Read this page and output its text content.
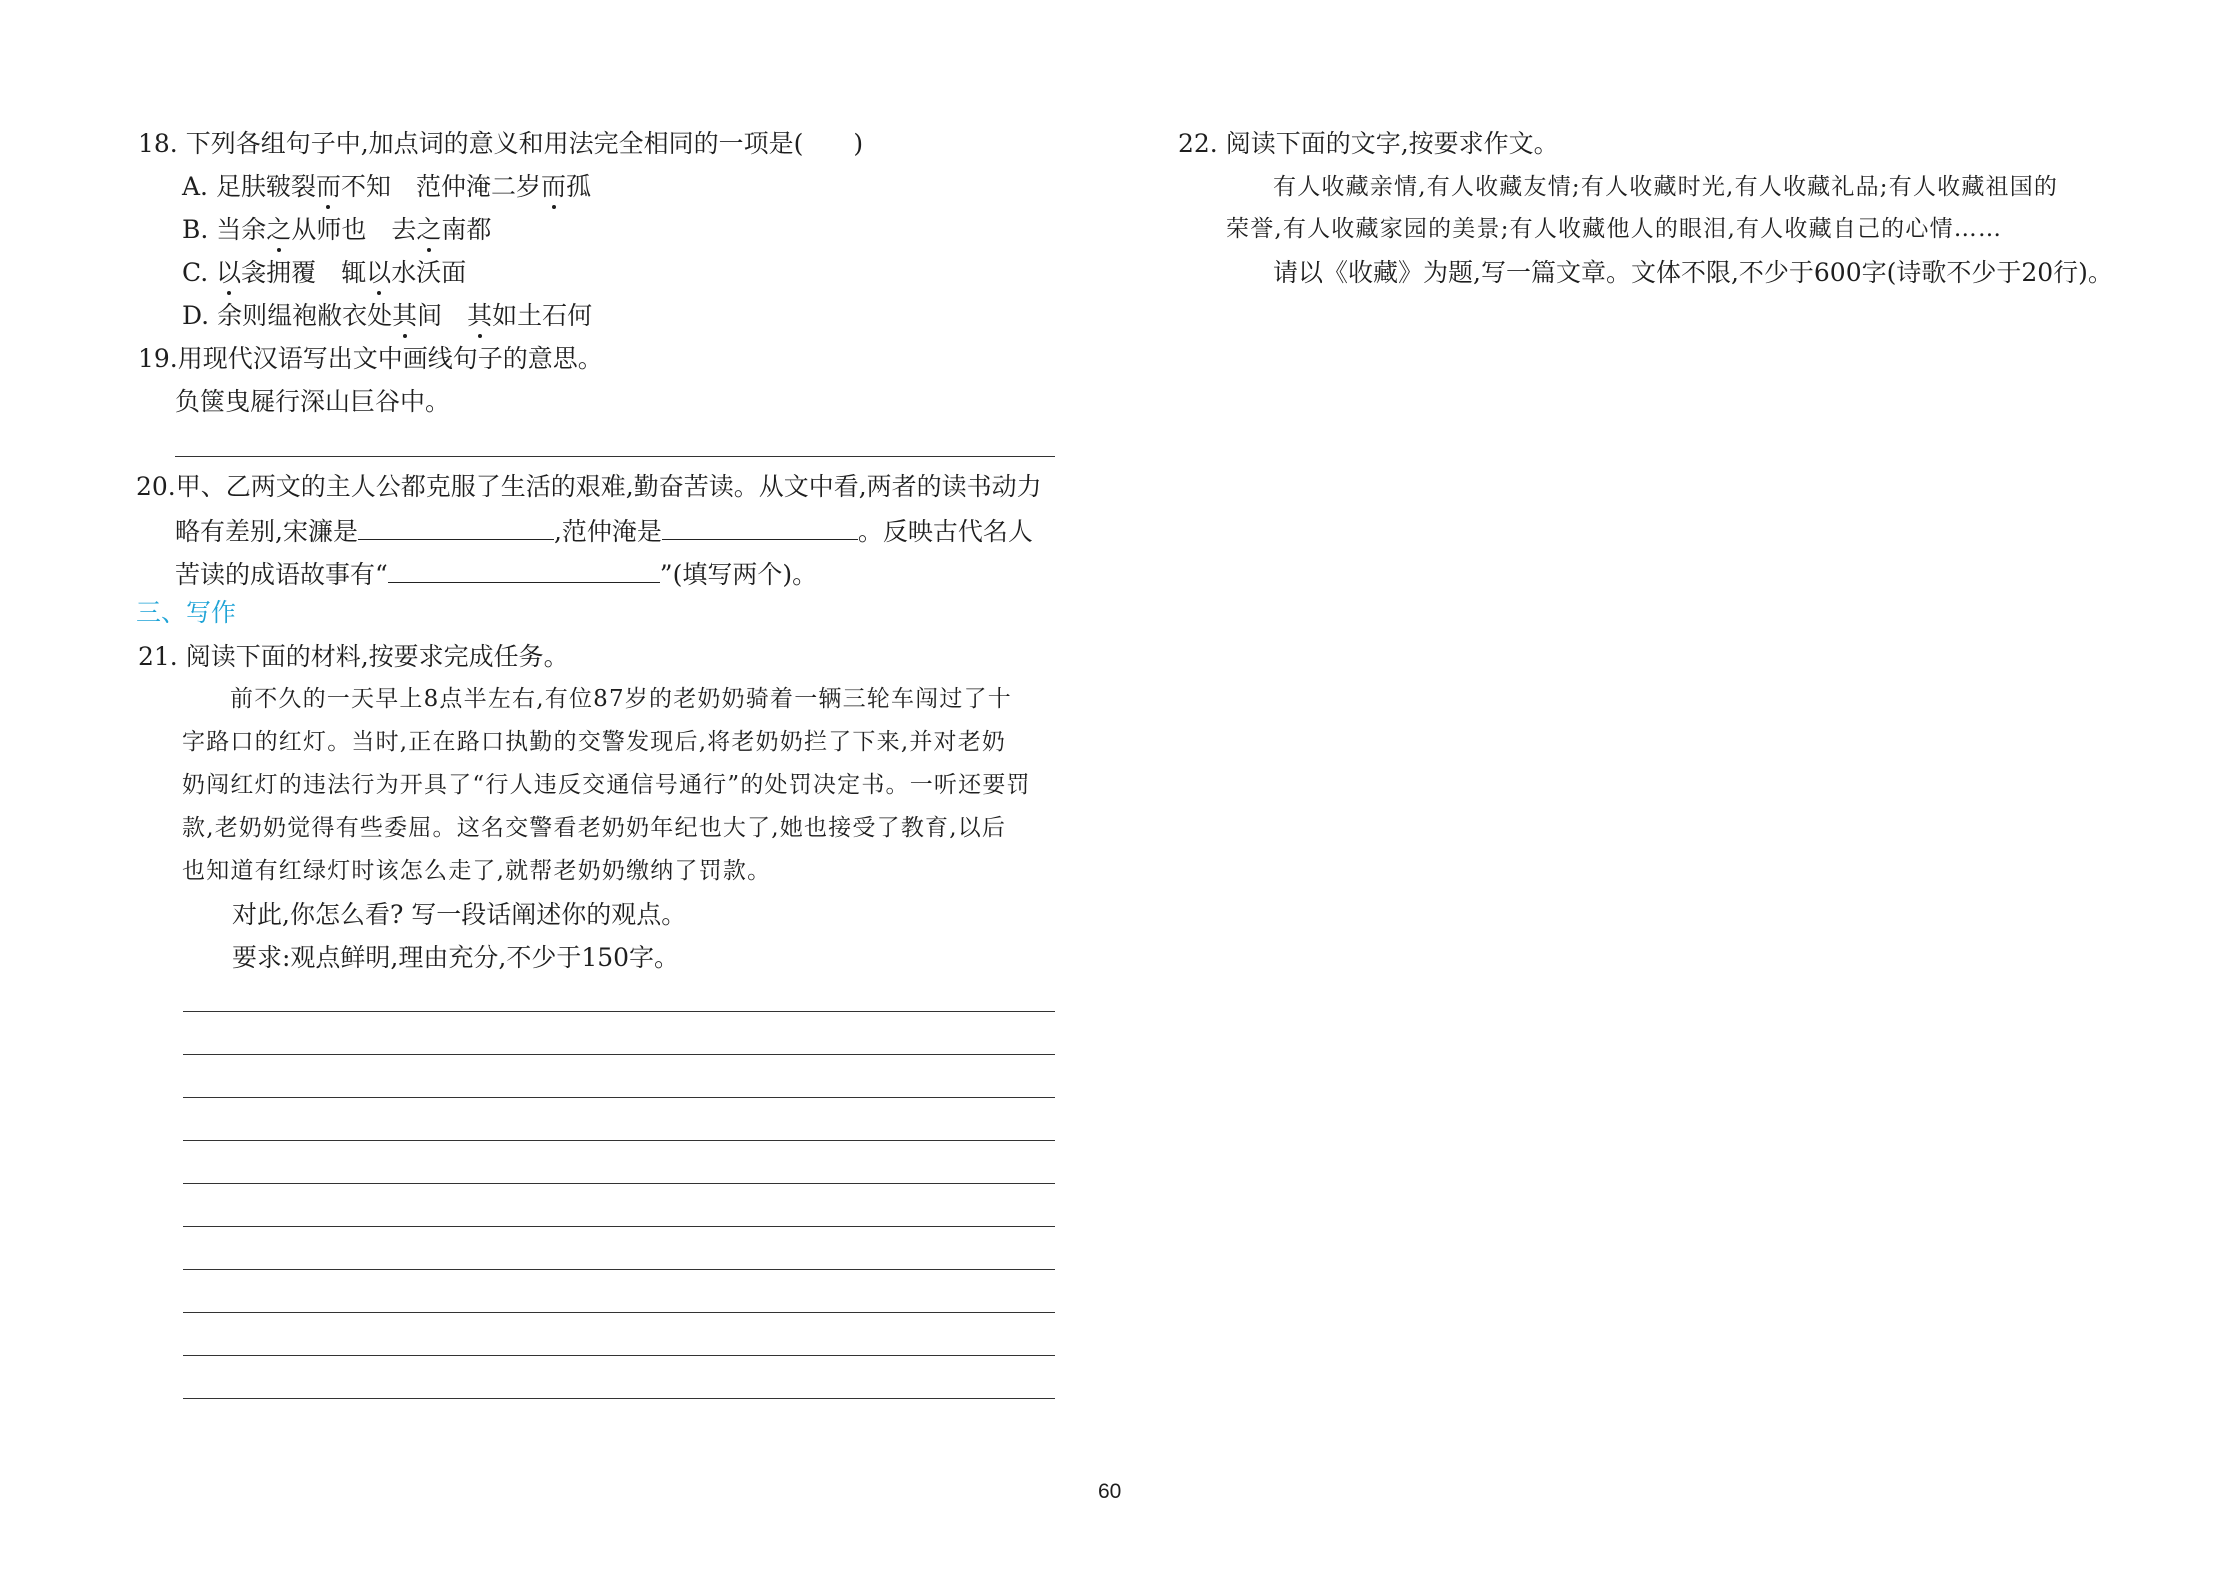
18. 下列各组句子中,加点词的意义和用法完全相同的一项是(　　)
A. 足肤皲裂而不知　范仲淹二岁而孤
B. 当余之从师也　去之南都
C. 以衾拥覆　辄以水沃面
D. 余则缊袍敝衣处其间　其如土石何
19.用现代汉语写出文中画线句子的意思。
负箧曳屣行深山巨谷中。
20.甲、乙两文的主人公都克服了生活的艰难,勤奋苦读。从文中看,两者的读书动力
略有差别,宋濂是	,范仲淹是	。反映古代名人
苦读的成语故事有“	”(填写两个)。
三、写作
21. 阅读下面的材料,按要求完成任务。
前不久的一天早上8点半左右,有位87岁的老奶奶骑着一辆三轮车闯过了十
字路口的红灯。当时,正在路口执勤的交警发现后,将老奶奶拦了下来,并对老奶
奶闯红灯的违法行为开具了“行人违反交通信号通行”的处罚决定书。一听还要罚
款,老奶奶觉得有些委屈。这名交警看老奶奶年纪也大了,她也接受了教育,以后
也知道有红绿灯时该怎么走了,就帮老奶奶缴纳了罚款。
对此,你怎么看? 写一段话阐述你的观点。
要求:观点鲜明,理由充分,不少于150字。
22. 阅读下面的文字,按要求作文。
有人收藏亲情,有人收藏友情;有人收藏时光,有人收藏礼品;有人收藏祖国的
荣誉,有人收藏家园的美景;有人收藏他人的眼泪,有人收藏自己的心情……
请以《收藏》为题,写一篇文章。文体不限,不少于600字(诗歌不少于20行)。
60
